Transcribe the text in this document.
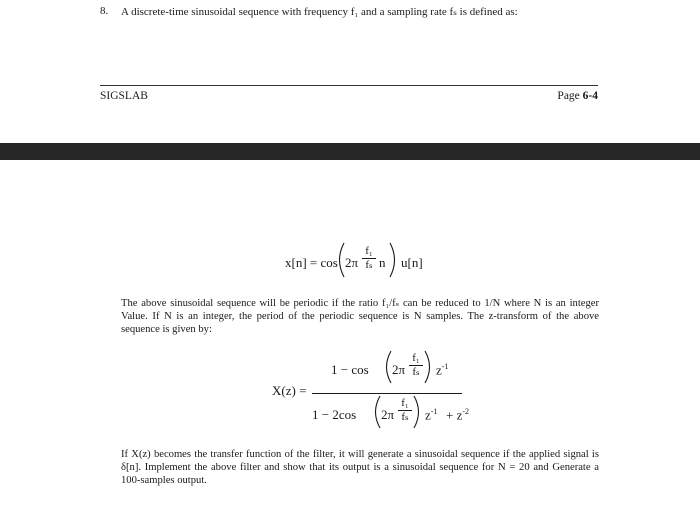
8. A discrete-time sinusoidal sequence with frequency f₁ and a sampling rate fₛ is defined as:
SIGSLAB	Page 6-4
x[n] = cos 2π
f₁
fₛ n u[n]
The above sinusoidal sequence will be periodic if the ratio f₁/fₛ can be reduced to 1/N where N is an integer Value. If N is an integer, the period of the periodic sequence is N samples. The z-transform of the above sequence is given by:
X(z) =
1 − cos 2π
f₁
fₛ $z^{-1}$
1 − 2cos 2π
f₁
fₛ $z^{-1} + z^{-2}$
If X(z) becomes the transfer function of the filter, it will generate a sinusoidal sequence if the applied signal is δ[n]. Implement the above filter and show that its output is a sinusoidal sequence for N = 20 and Generate a 100-samples output.
